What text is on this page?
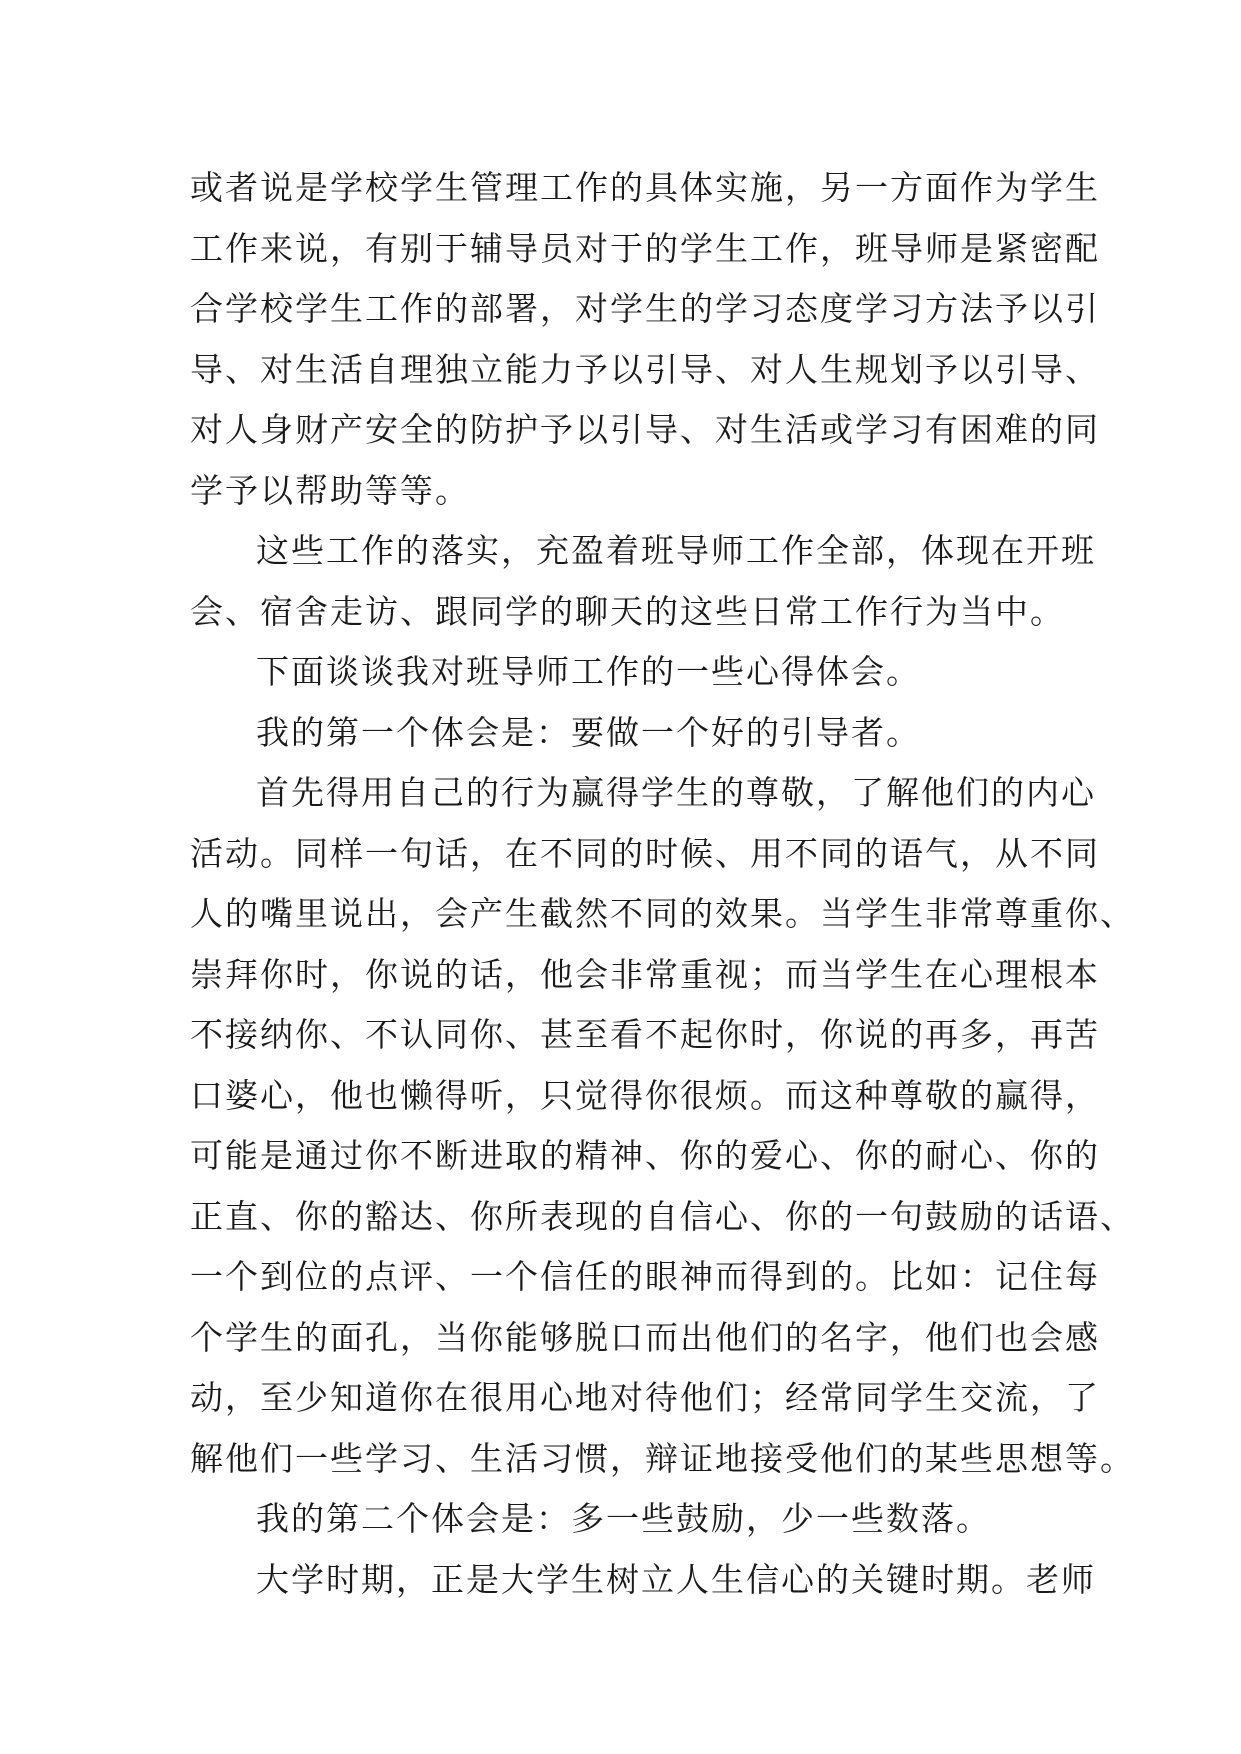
或者说是学校学生管理工作的具体实施，另一方面作为学生
工作来说，有别于辅导员对于的学生工作，班导师是紧密配
合学校学生工作的部署，对学生的学习态度学习方法予以引
导、对生活自理独立能力予以引导、对人生规划予以引导、
对人身财产安全的防护予以引导、对生活或学习有困难的同
学予以帮助等等。
这些工作的落实，充盈着班导师工作全部，体现在开班
会、宿舍走访、跟同学的聊天的这些日常工作行为当中。
下面谈谈我对班导师工作的一些心得体会。
我的第一个体会是：要做一个好的引导者。
首先得用自己的行为赢得学生的尊敬，了解他们的内心
活动。同样一句话，在不同的时候、用不同的语气，从不同
人的嘴里说出，会产生截然不同的效果。当学生非常尊重你、
崇拜你时，你说的话，他会非常重视；而当学生在心理根本
不接纳你、不认同你、甚至看不起你时，你说的再多，再苦
口婆心，他也懒得听，只觉得你很烦。而这种尊敬的赢得，
可能是通过你不断进取的精神、你的爱心、你的耐心、你的
正直、你的豁达、你所表现的自信心、你的一句鼓励的话语、
一个到位的点评、一个信任的眼神而得到的。比如：记住每
个学生的面孔，当你能够脱口而出他们的名字，他们也会感
动，至少知道你在很用心地对待他们；经常同学生交流，了
解他们一些学习、生活习惯，辩证地接受他们的某些思想等。
我的第二个体会是：多一些鼓励，少一些数落。
大学时期，正是大学生树立人生信心的关键时期。老师
